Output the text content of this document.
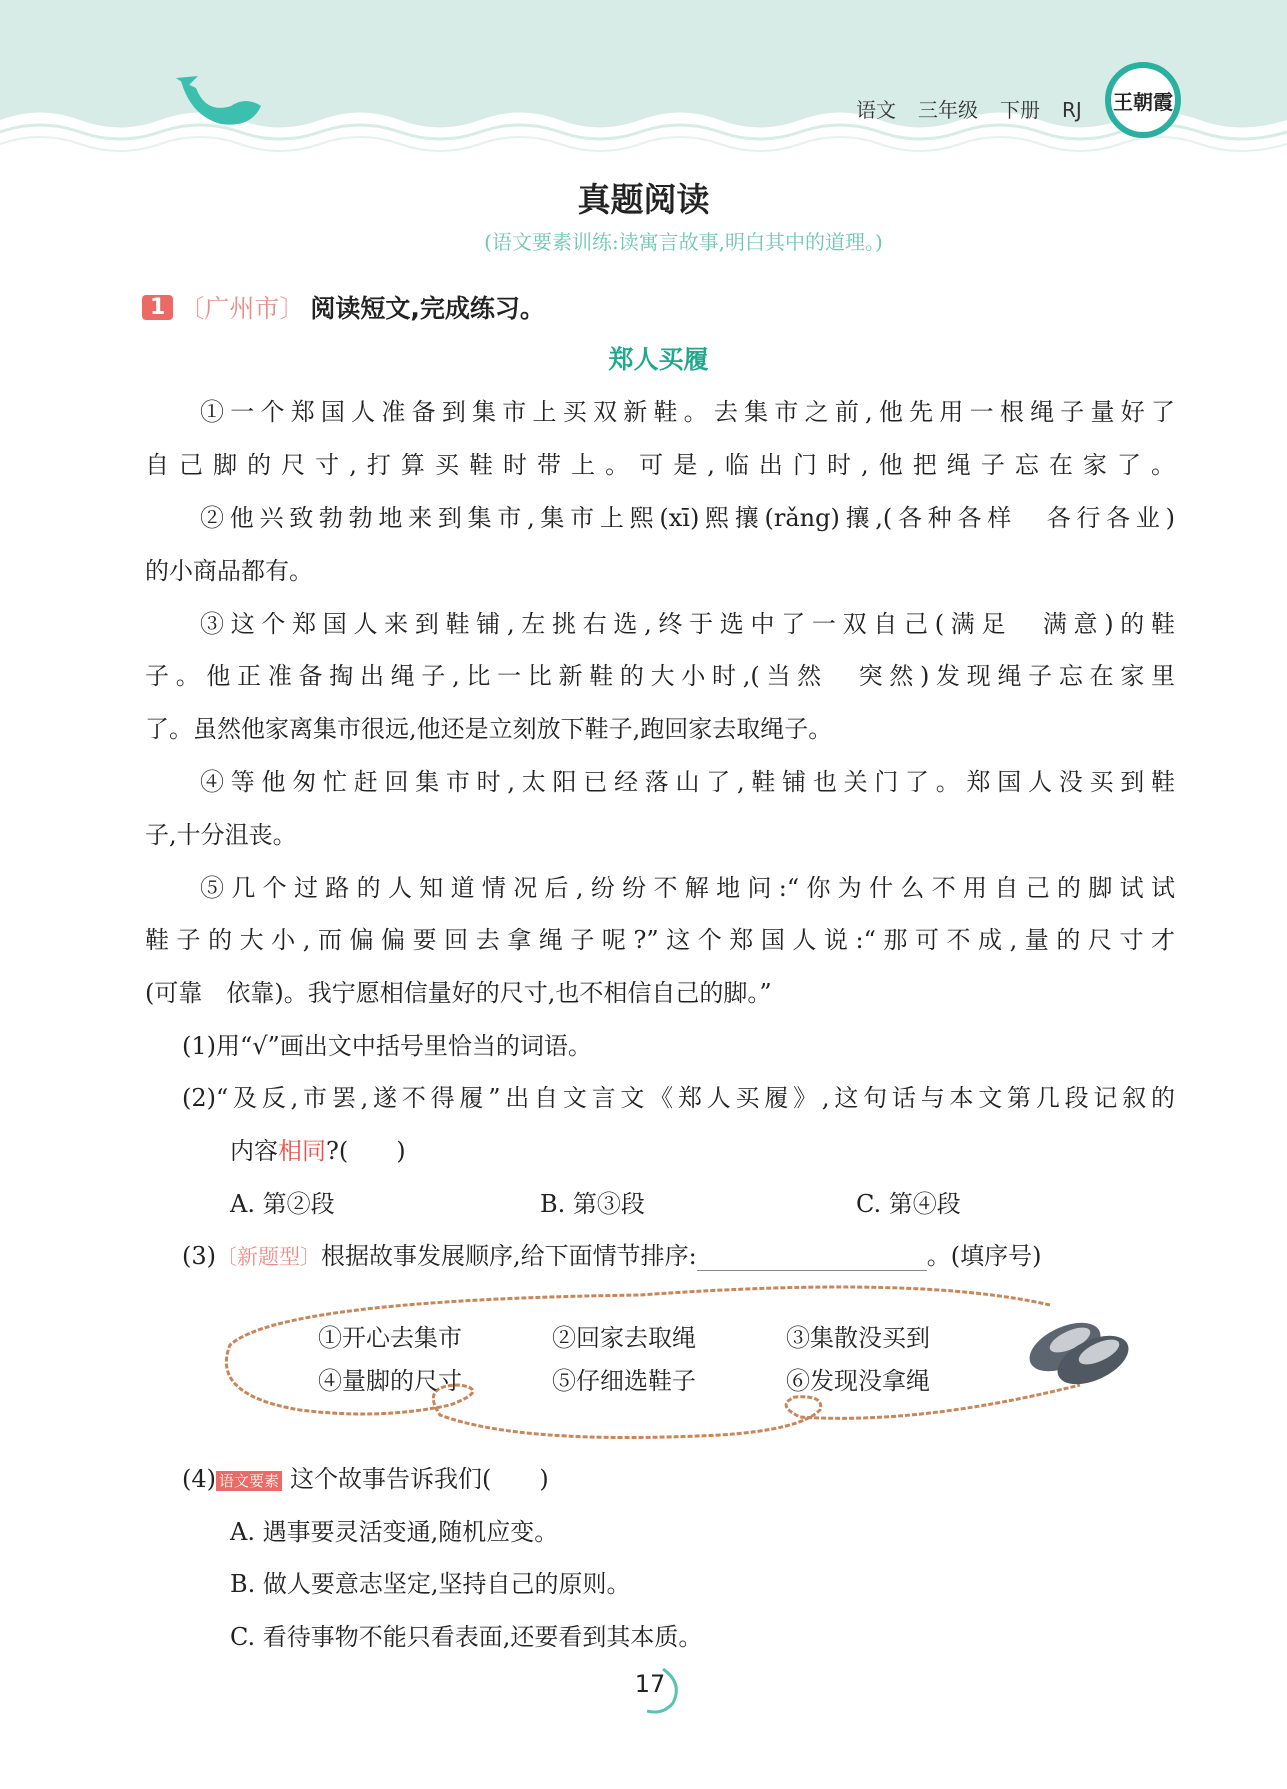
语文 三年级 下册 RJ	王朝霞
真题阅读
(语文要素训练:读寓言故事,明白其中的道理。)
1 〔广州市〕 阅读短文,完成练习。
郑人买履
①一个郑国人准备到集市上买双新鞋。去集市之前,他先用一根绳子量好了
自己脚的尺寸,打算买鞋时带上。可是,临出门时,他把绳子忘在家了。
②他兴致勃勃地来到集市,集市上熙(xī)熙攘(rǎng)攘,(各种各样　各行各业)
的小商品都有。
③这个郑国人来到鞋铺,左挑右选,终于选中了一双自己(满足　满意)的鞋
子。他正准备掏出绳子,比一比新鞋的大小时,(当然　突然)发现绳子忘在家里
了。虽然他家离集市很远,他还是立刻放下鞋子,跑回家去取绳子。
④等他匆忙赶回集市时,太阳已经落山了,鞋铺也关门了。郑国人没买到鞋
子,十分沮丧。
⑤几个过路的人知道情况后,纷纷不解地问:“你为什么不用自己的脚试试
鞋子的大小,而偏偏要回去拿绳子呢?”这个郑国人说:“那可不成,量的尺寸才
(可靠　依靠)。我宁愿相信量好的尺寸,也不相信自己的脚。”
(1)用“√”画出文中括号里恰当的词语。
(2)“及反,市罢,遂不得履”出自文言文《郑人买履》,这句话与本文第几段记叙的
内容相同?(　　)
A. 第②段	B. 第③段	C. 第④段
(3)〔新题型〕根据故事发展顺序,给下面情节排序:	。(填序号)
①开心去集市	②回家去取绳	③集散没买到
④量脚的尺寸	⑤仔细选鞋子	⑥发现没拿绳
(4) 语文要素 这个故事告诉我们(　　)
A. 遇事要灵活变通,随机应变。
B. 做人要意志坚定,坚持自己的原则。
C. 看待事物不能只看表面,还要看到其本质。
17
